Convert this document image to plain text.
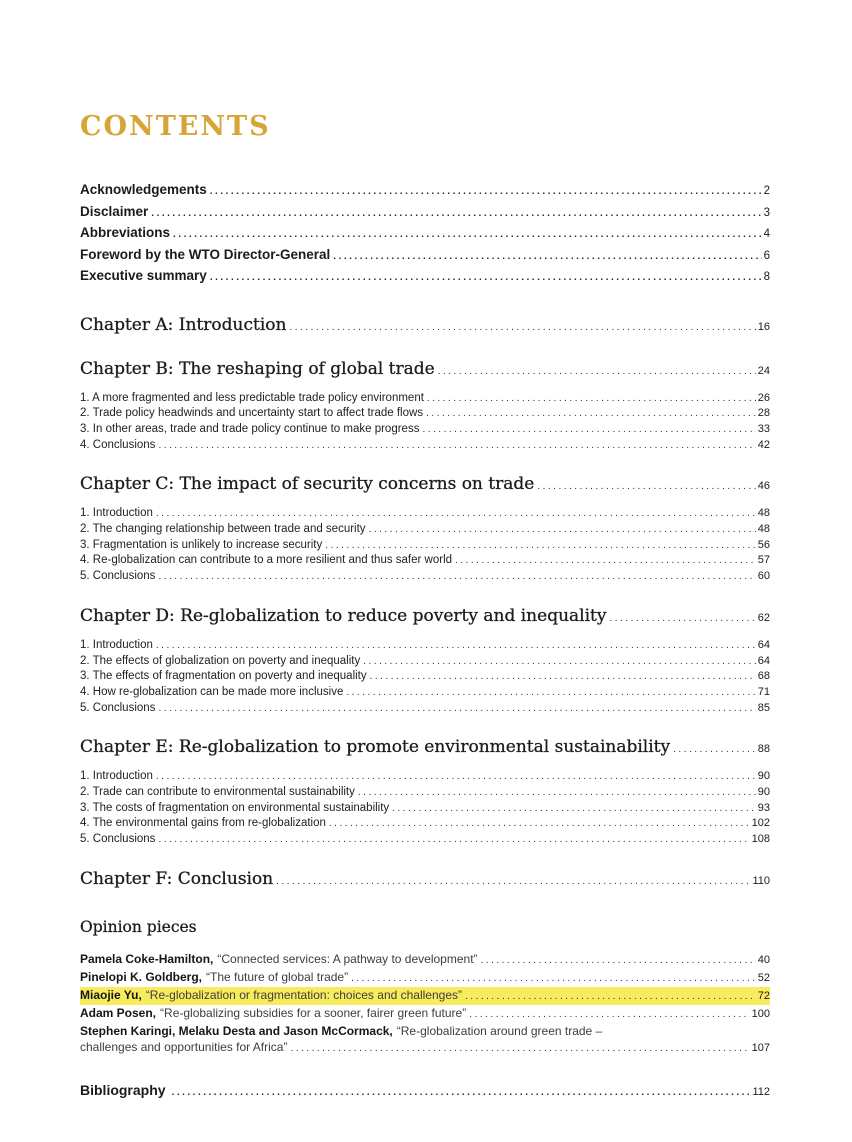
CONTENTS
Acknowledgements .....	2
Disclaimer .....	3
Abbreviations .....	4
Foreword by the WTO Director-General .....	6
Executive summary .....	8
Chapter A: Introduction .....	16
Chapter B: The reshaping of global trade .....	24
1. A more fragmented and less predictable trade policy environment .....	26
2. Trade policy headwinds and uncertainty start to affect trade flows .....	28
3. In other areas, trade and trade policy continue to make progress .....	33
4. Conclusions .....	42
Chapter C: The impact of security concerns on trade .....	46
1. Introduction .....	48
2. The changing relationship between trade and security .....	48
3. Fragmentation is unlikely to increase security .....	56
4. Re-globalization can contribute to a more resilient and thus safer world .....	57
5. Conclusions .....	60
Chapter D: Re-globalization to reduce poverty and inequality .....	62
1. Introduction .....	64
2. The effects of globalization on poverty and inequality .....	64
3. The effects of fragmentation on poverty and inequality .....	68
4. How re-globalization can be made more inclusive .....	71
5. Conclusions .....	85
Chapter E: Re-globalization to promote environmental sustainability .....	88
1. Introduction .....	90
2. Trade can contribute to environmental sustainability .....	90
3. The costs of fragmentation on environmental sustainability .....	93
4. The environmental gains from re-globalization .....	102
5. Conclusions .....	108
Chapter F: Conclusion .....	110
Opinion pieces
Pamela Coke-Hamilton, “Connected services: A pathway to development” .....	40
Pinelopi K. Goldberg, “The future of global trade” .....	52
Miaojie Yu, “Re-globalization or fragmentation: choices and challenges” .....	72
Adam Posen, “Re-globalizing subsidies for a sooner, fairer green future” .....	100
Stephen Karingi, Melaku Desta and Jason McCormack, “Re-globalization around green trade –
challenges and opportunities for Africa” .....	107
Bibliography .....	112
